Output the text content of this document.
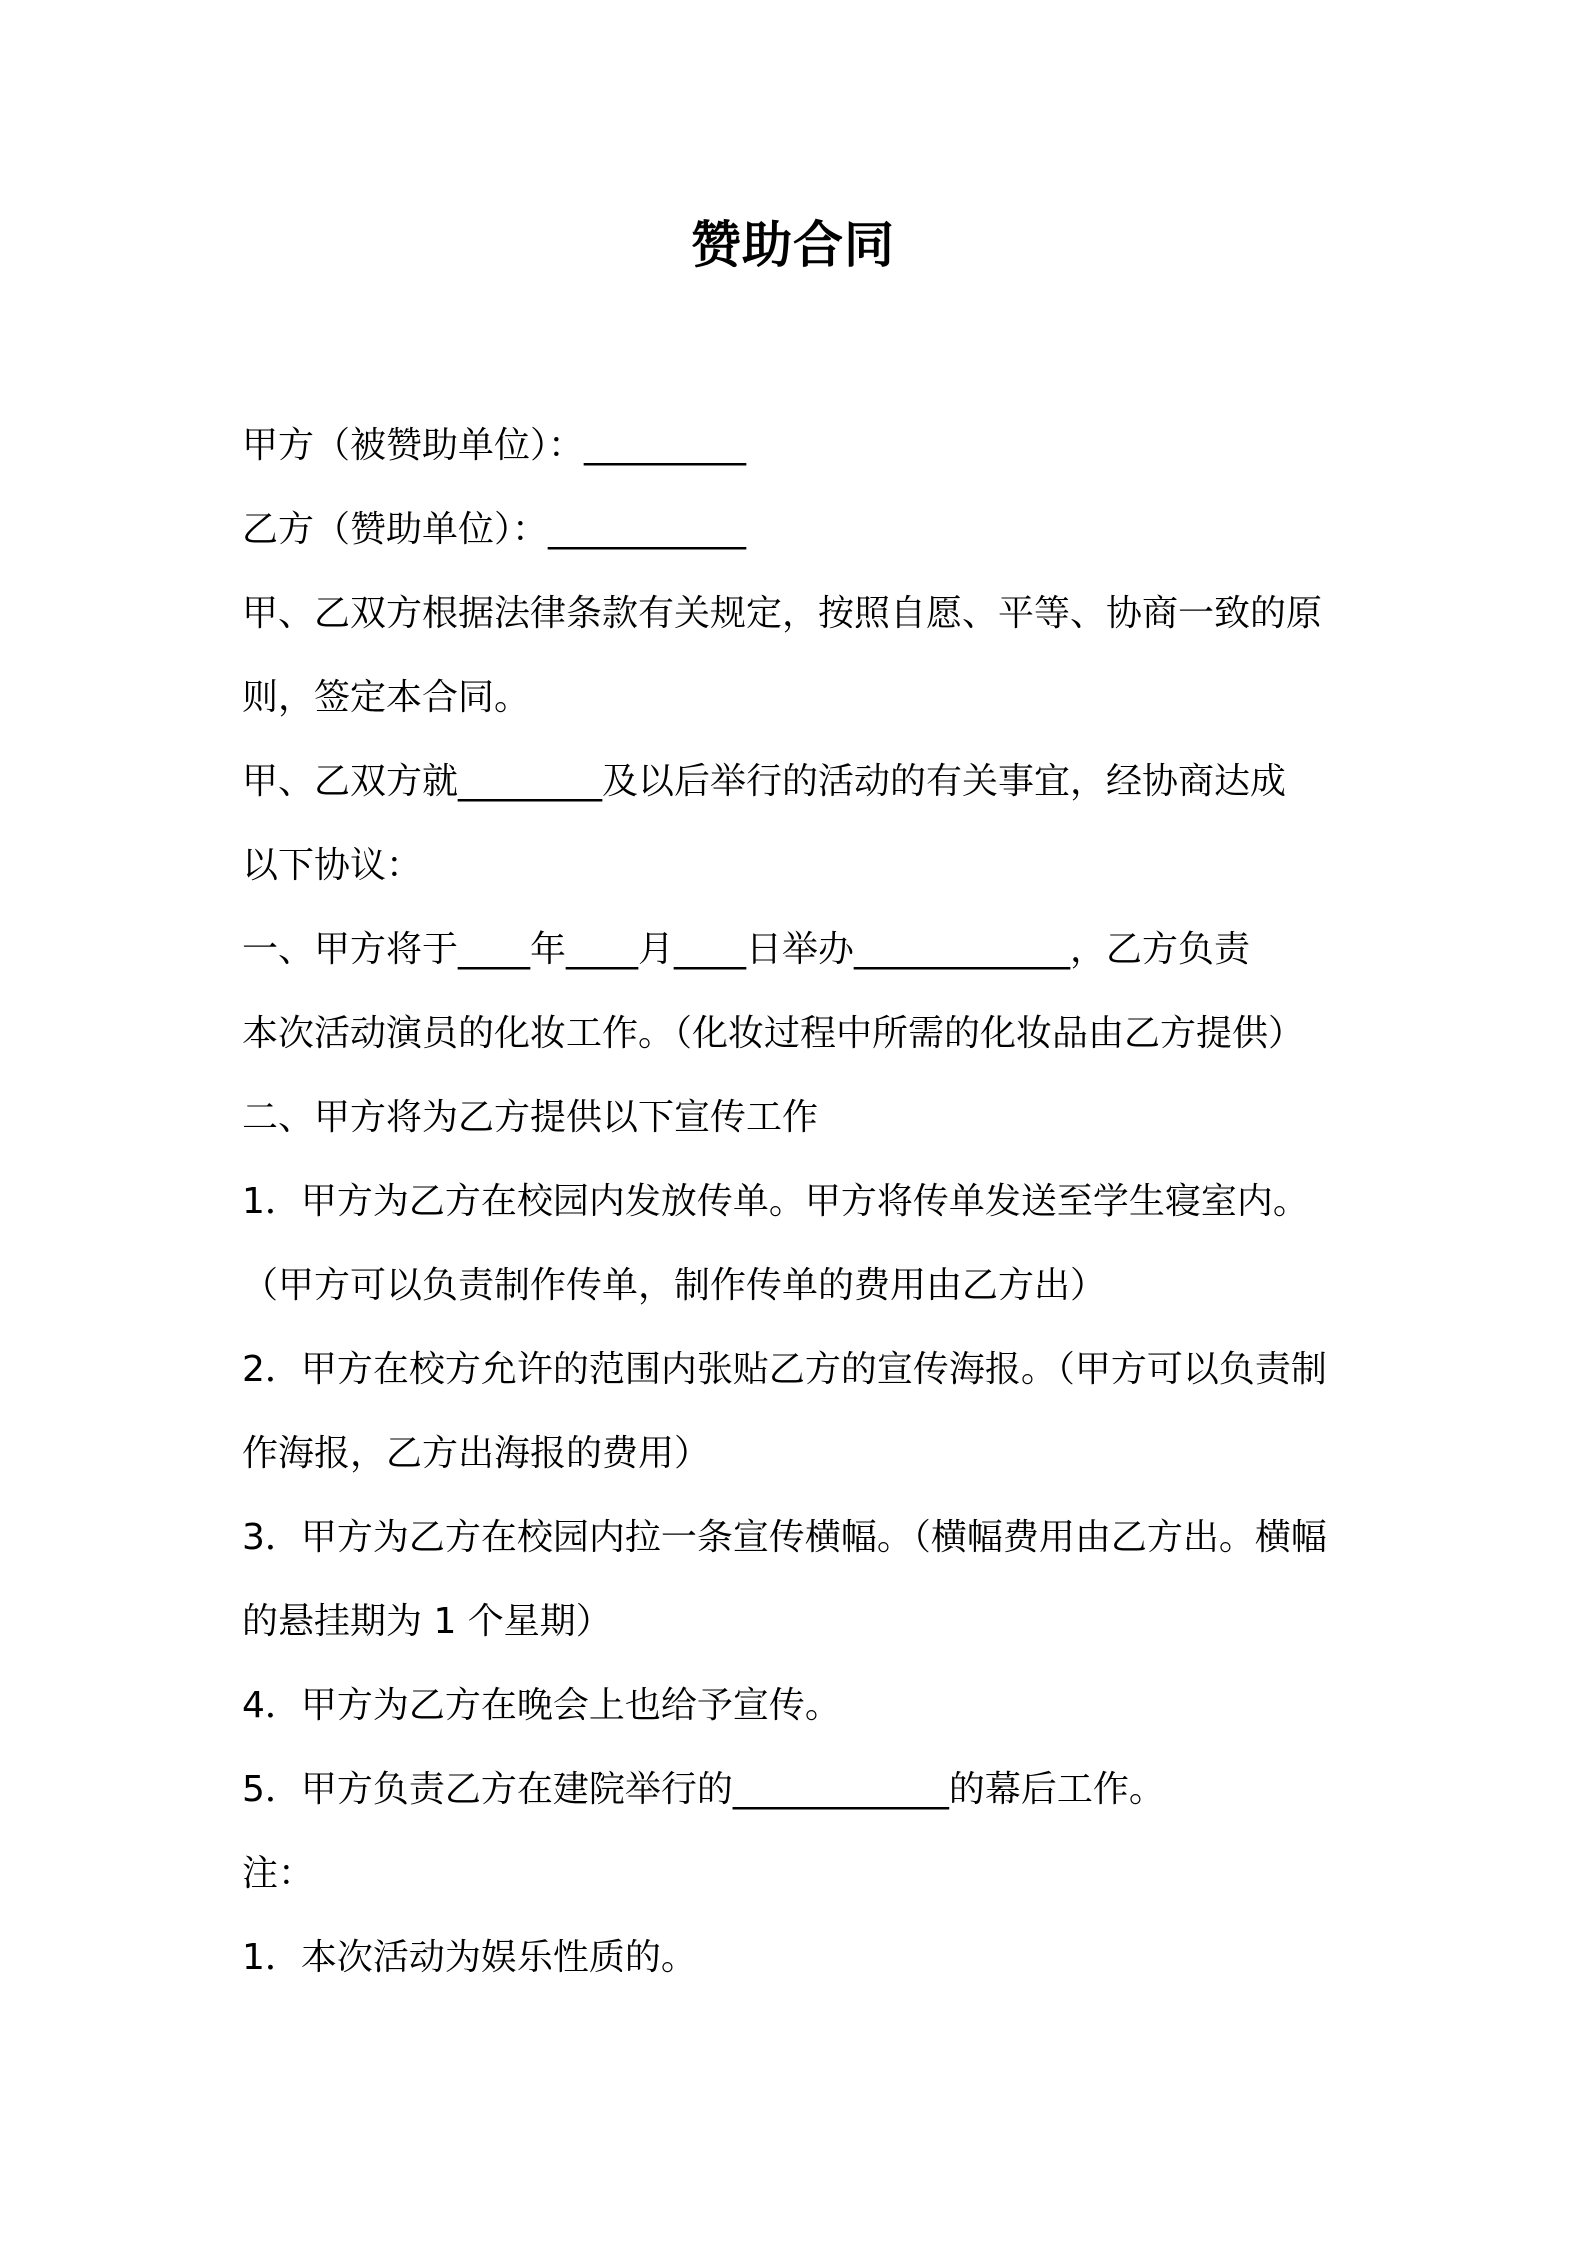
赞助合同
甲方（被赞助单位）：_________
乙方（赞助单位）：___________
甲、乙双方根据法律条款有关规定，按照自愿、平等、协商一致的原
则，签定本合同。
甲、乙双方就________及以后举行的活动的有关事宜，经协商达成
以下协议：
一、甲方将于____年____月____日举办____________，乙方负责
本次活动演员的化妆工作。（化妆过程中所需的化妆品由乙方提供）
二、甲方将为乙方提供以下宣传工作
1．甲方为乙方在校园内发放传单。甲方将传单发送至学生寝室内。
（甲方可以负责制作传单，制作传单的费用由乙方出）
2．甲方在校方允许的范围内张贴乙方的宣传海报。（甲方可以负责制
作海报，乙方出海报的费用）
3．甲方为乙方在校园内拉一条宣传横幅。（横幅费用由乙方出。横幅
的悬挂期为 1 个星期）
4．甲方为乙方在晚会上也给予宣传。
5．甲方负责乙方在建院举行的____________的幕后工作。
注：
1．本次活动为娱乐性质的。
